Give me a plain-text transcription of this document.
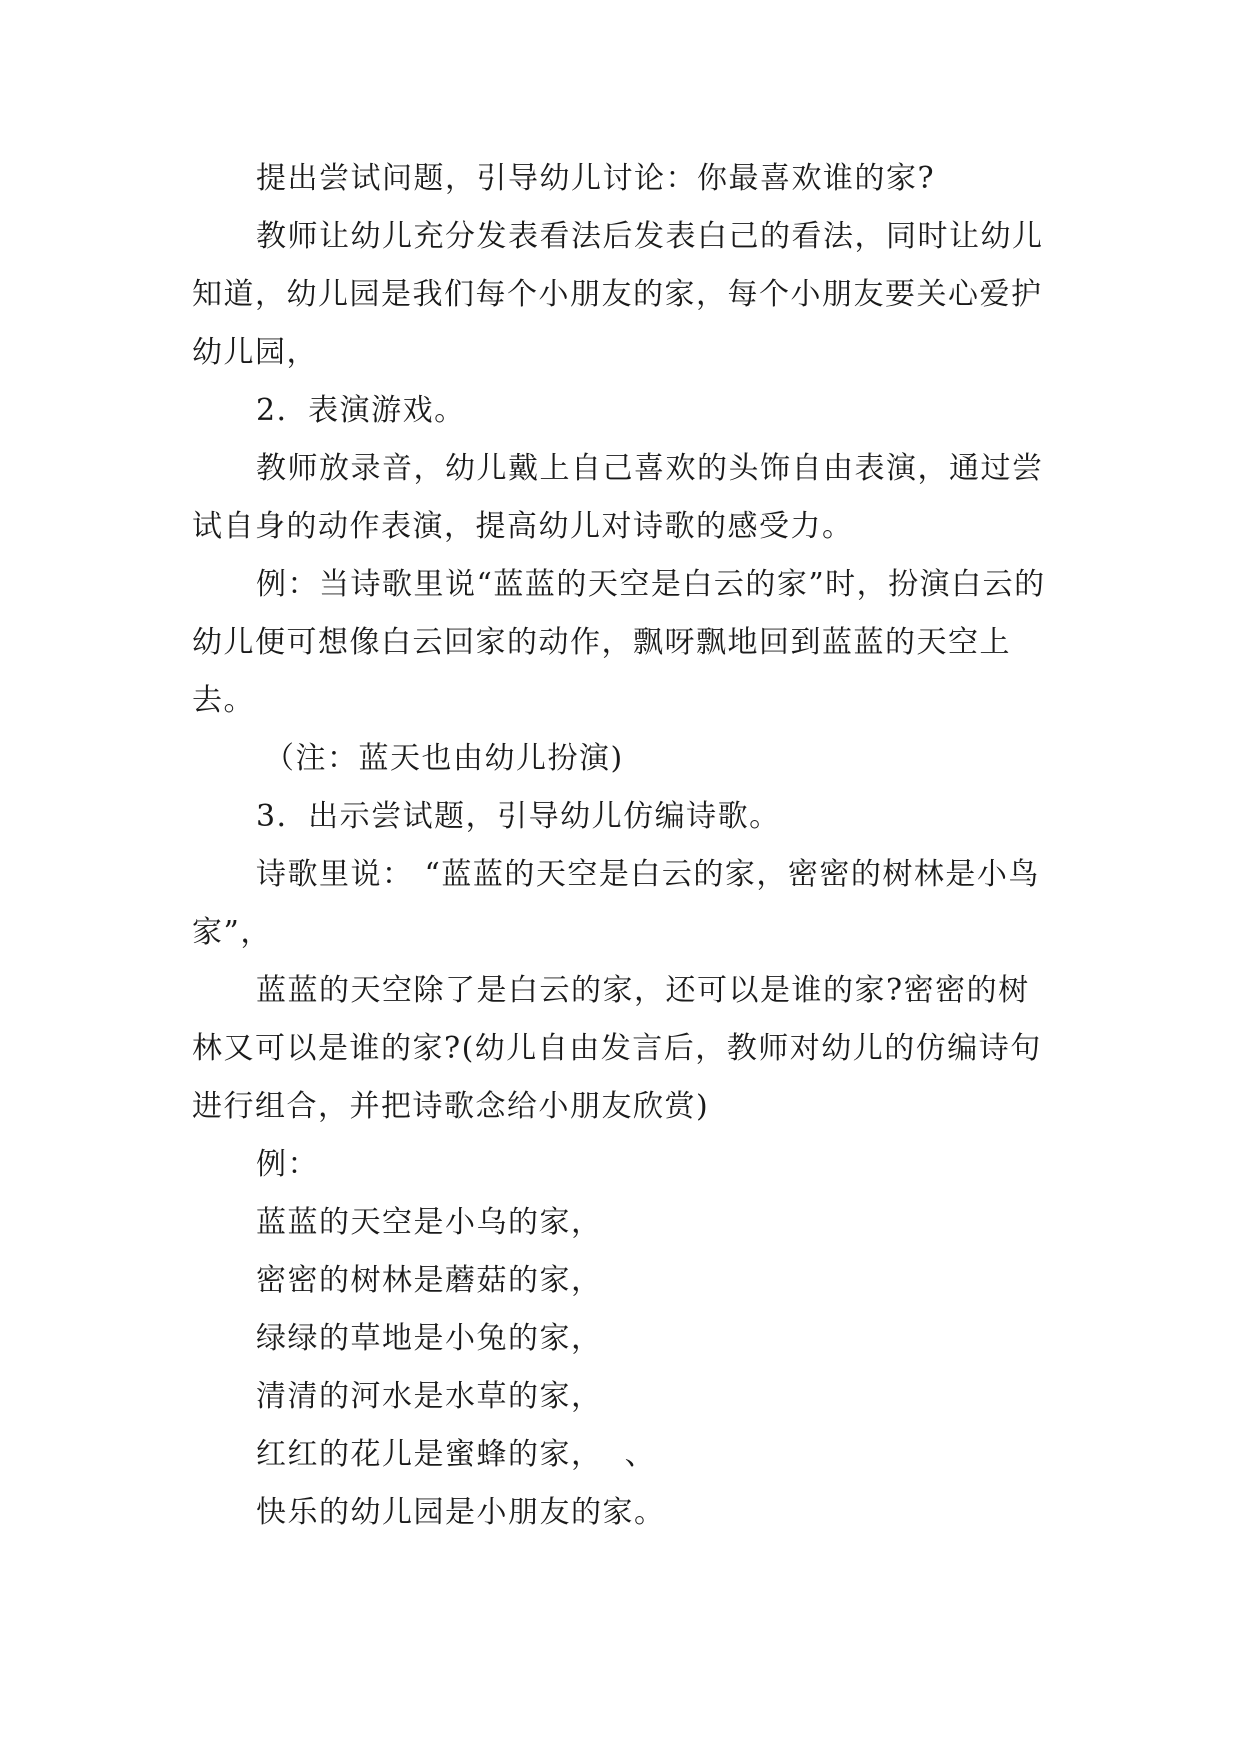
提出尝试问题，引导幼儿讨论：你最喜欢谁的家?

教师让幼儿充分发表看法后发表白己的看法，同时让幼儿知道，幼儿园是我们每个小朋友的家，每个小朋友要关心爱护幼儿园，

2．表演游戏。

教师放录音，幼儿戴上自己喜欢的头饰自由表演，通过尝试自身的动作表演，提高幼儿对诗歌的感受力。

例：当诗歌里说“蓝蓝的天空是白云的家”时，扮演白云的幼儿便可想像白云回家的动作，飘呀飘地回到蓝蓝的天空上去。

（注：蓝天也由幼儿扮演)

3．出示尝试题，引导幼儿仿编诗歌。

诗歌里说： “蓝蓝的天空是白云的家，密密的树林是小鸟家”，

蓝蓝的天空除了是白云的家，还可以是谁的家?密密的树林又可以是谁的家?(幼儿自由发言后，教师对幼儿的仿编诗句进行组合，并把诗歌念给小朋友欣赏)

例：

蓝蓝的天空是小乌的家，

密密的树林是蘑菇的家，

绿绿的草地是小兔的家，

清清的河水是水草的家，

红红的花儿是蜜蜂的家，  、

快乐的幼儿园是小朋友的家。
